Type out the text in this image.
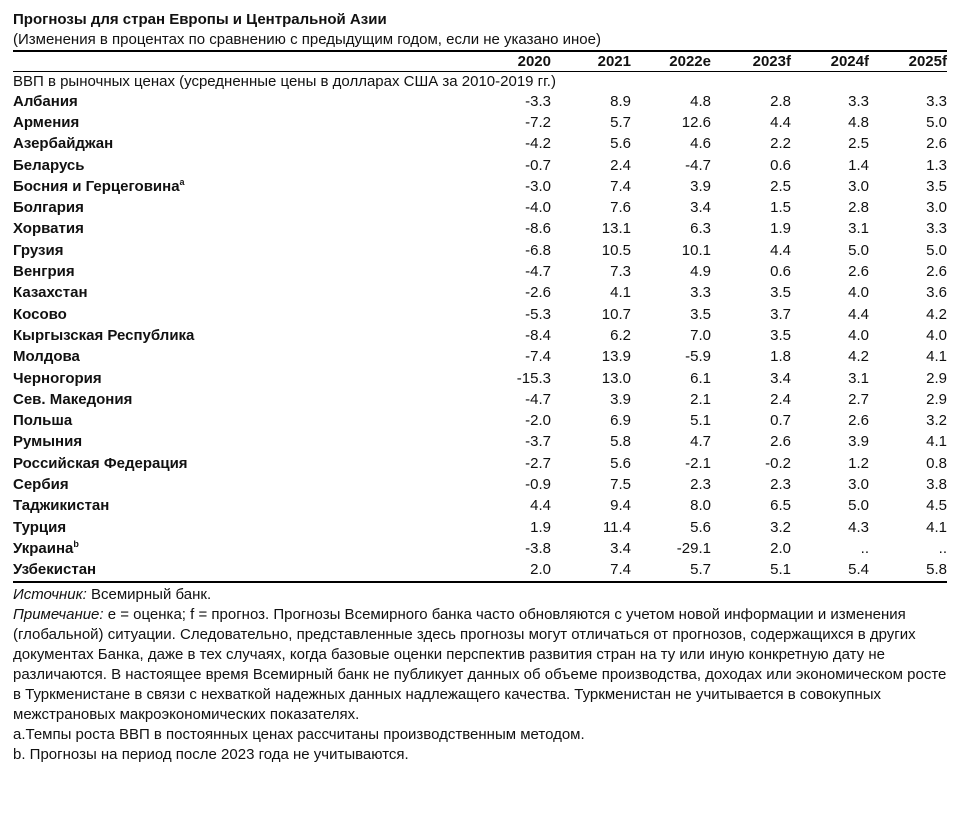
Прогнозы для стран Европы и Центральной Азии
(Изменения в процентах по сравнению с предыдущим годом, если не указано иное)
	2020	2021	2022e	2023f	2024f	2025f

ВВП в рыночных ценах (усредненные цены в долларах США за 2010-2019 гг.)						
Албания	-3.3	8.9	4.8	2.8	3.3	3.3
Армения	-7.2	5.7	12.6	4.4	4.8	5.0
Азербайджан	-4.2	5.6	4.6	2.2	2.5	2.6
Беларусь	-0.7	2.4	-4.7	0.6	1.4	1.3
Босния и Герцеговина$^a$	-3.0	7.4	3.9	2.5	3.0	3.5
Болгария	-4.0	7.6	3.4	1.5	2.8	3.0
Хорватия	-8.6	13.1	6.3	1.9	3.1	3.3
Грузия	-6.8	10.5	10.1	4.4	5.0	5.0
Венгрия	-4.7	7.3	4.9	0.6	2.6	2.6
Казахстан	-2.6	4.1	3.3	3.5	4.0	3.6
Косово	-5.3	10.7	3.5	3.7	4.4	4.2
Кыргызская Республика	-8.4	6.2	7.0	3.5	4.0	4.0
Молдова	-7.4	13.9	-5.9	1.8	4.2	4.1
Черногория	-15.3	13.0	6.1	3.4	3.1	2.9
Сев. Македония	-4.7	3.9	2.1	2.4	2.7	2.9
Польша	-2.0	6.9	5.1	0.7	2.6	3.2
Румыния	-3.7	5.8	4.7	2.6	3.9	4.1
Российская Федерация	-2.7	5.6	-2.1	-0.2	1.2	0.8
Сербия	-0.9	7.5	2.3	2.3	3.0	3.8
Таджикистан	4.4	9.4	8.0	6.5	5.0	4.5
Турция	1.9	11.4	5.6	3.2	4.3	4.1
Украина$^b$	-3.8	3.4	-29.1	2.0	..	..
Узбекистан	2.0	7.4	5.7	5.1	5.4	5.8

Источник: Всемирный банк.

Примечание: e = оценка; f = прогноз. Прогнозы Всемирного банка часто обновляются с учетом новой информации и изменения (глобальной) ситуации. Следовательно, представленные здесь прогнозы могут отличаться от прогнозов, содержащихся в других документах Банка, даже в тех случаях, когда базовые оценки перспектив развития стран на ту или иную конкретную дату не различаются. В настоящее время Всемирный банк не публикует данных об объеме производства, доходах или экономическом росте в Туркменистане в связи с нехваткой надежных данных надлежащего качества. Туркменистан не учитывается в совокупных межстрановых макроэкономических показателях.

a.Темпы роста ВВП в постоянных ценах рассчитаны производственным методом.

b. Прогнозы на период после 2023 года не учитываются.
